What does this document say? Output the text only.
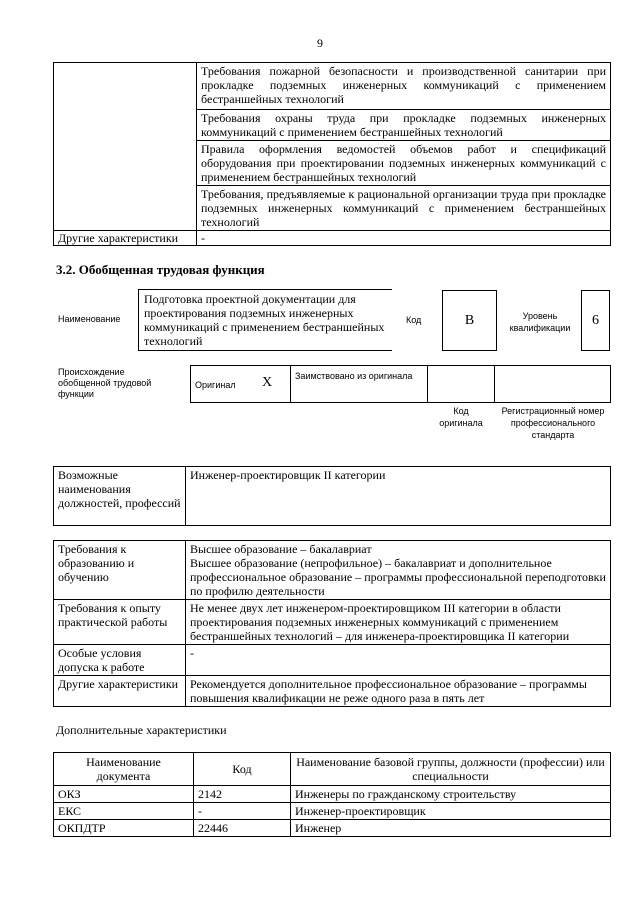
9
	Требования пожарной безопасности и производственной санитарии при прокладке подземных инженерных коммуникаций с применением бестраншейных технологий
	Требования охраны труда при прокладке подземных инженерных коммуникаций с применением бестраншейных технологий
	Правила оформления ведомостей объемов работ и спецификаций оборудования при проектировании подземных инженерных коммуникаций с применением бестраншейных технологий
	Требования, предъявляемые к рациональной организации труда при прокладке подземных инженерных коммуникаций с применением бестраншейных технологий
Другие характеристики	-
3.2. Обобщенная трудовая функция
Наименование
Подготовка проектной документации для проектирования подземных инженерных коммуникаций с применением бестраншейных технологий
Код	B	Уровень квалификации	6
Происхождение обобщенной трудовой функции
Оригинал X	Заимствовано из оригинала
Код оригинала
Регистрационный номер профессионального стандарта
Возможные наименования должностей, профессий	Инженер-проектировщик II категории
Требования к образованию и обучению	Высшее образование – бакалавриат
Высшее образование (непрофильное) – бакалавриат и дополнительное профессиональное образование – программы профессиональной переподготовки по профилю деятельности
Требования к опыту практической работы	Не менее двух лет инженером-проектировщиком III категории в области проектирования подземных инженерных коммуникаций с применением бестраншейных технологий – для инженера-проектировщика II категории
Особые условия допуска к работе	-
Другие характеристики	Рекомендуется дополнительное профессиональное образование – программы повышения квалификации не реже одного раза в пять лет
Дополнительные характеристики
Наименование документа	Код	Наименование базовой группы, должности (профессии) или специальности
ОКЗ	2142	Инженеры по гражданскому строительству
ЕКС	-	Инженер-проектировщик
ОКПДТР	22446	Инженер
